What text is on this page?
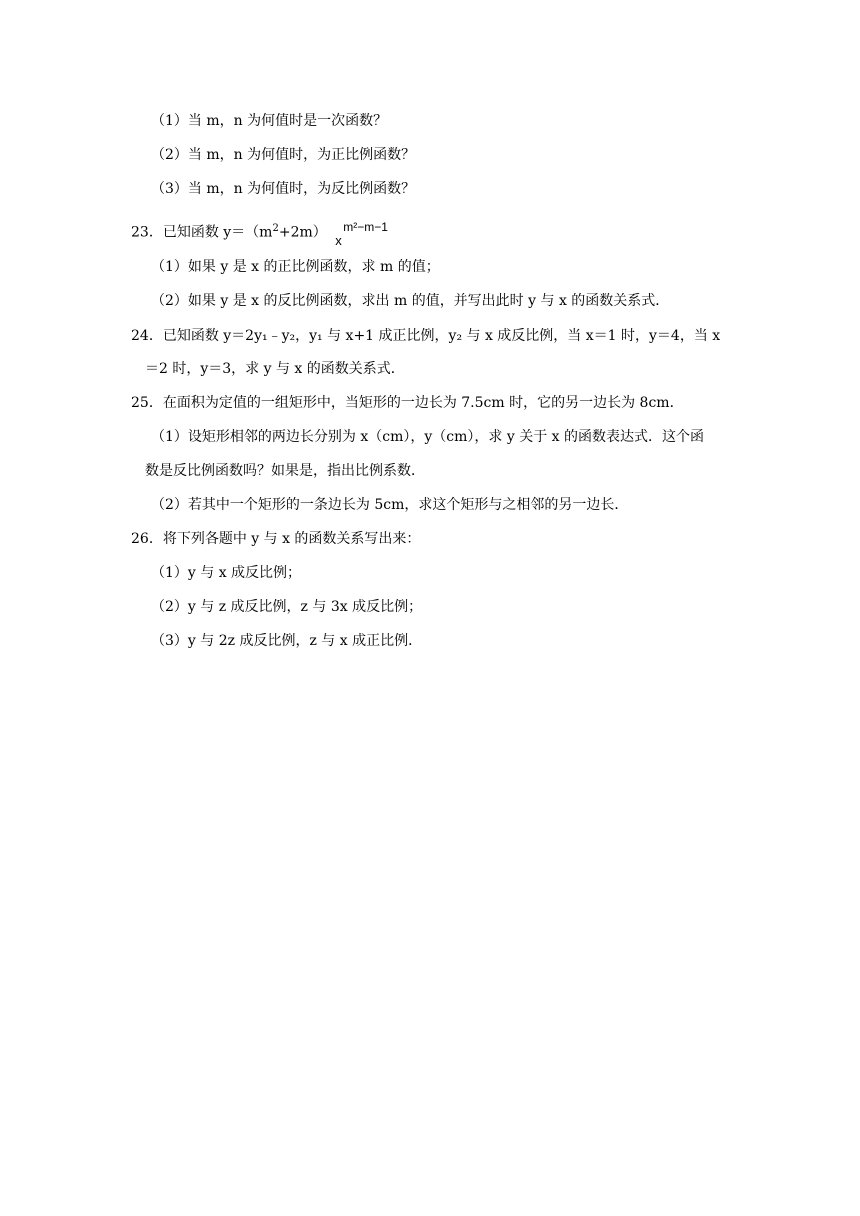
（1）当 m，n 为何值时是一次函数？
（2）当 m，n 为何值时，为正比例函数？
（3）当 m，n 为何值时，为反比例函数？
23．已知函数 $y=(m^2+2m)$ x
m²−m−1
（1）如果 y 是 x 的正比例函数，求 m 的值；
（2）如果 y 是 x 的反比例函数，求出 m 的值，并写出此时 y 与 x 的函数关系式．
24．已知函数 y＝2y₁﹣y₂，y₁ 与 x+1 成正比例，y₂ 与 x 成反比例，当 x＝1 时，y＝4，当 x
＝2 时，y＝3，求 y 与 x 的函数关系式．
25．在面积为定值的一组矩形中，当矩形的一边长为 7.5cm 时，它的另一边长为 8cm．
（1）设矩形相邻的两边长分别为 x（cm），y（cm），求 y 关于 x 的函数表达式．这个函
数是反比例函数吗？如果是，指出比例系数．
（2）若其中一个矩形的一条边长为 5cm，求这个矩形与之相邻的另一边长．
26．将下列各题中 y 与 x 的函数关系写出来：
（1）y 与 x 成反比例；
（2）y 与 z 成反比例，z 与 3x 成反比例；
（3）y 与 2z 成反比例，z 与 x 成正比例．
